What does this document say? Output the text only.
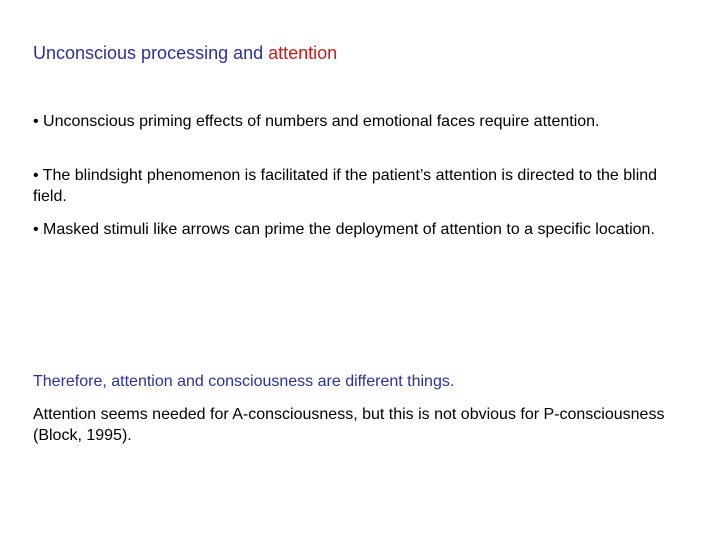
Unconscious processing and attention
• Unconscious priming effects of numbers and emotional faces require attention.
• The blindsight phenomenon is facilitated if the patient’s attention is directed to the blind field.
• Masked stimuli like arrows can prime the deployment of attention to a specific location.
Therefore, attention and consciousness are different things.
Attention seems needed for A-consciousness, but this is not obvious for P-consciousness (Block, 1995).
